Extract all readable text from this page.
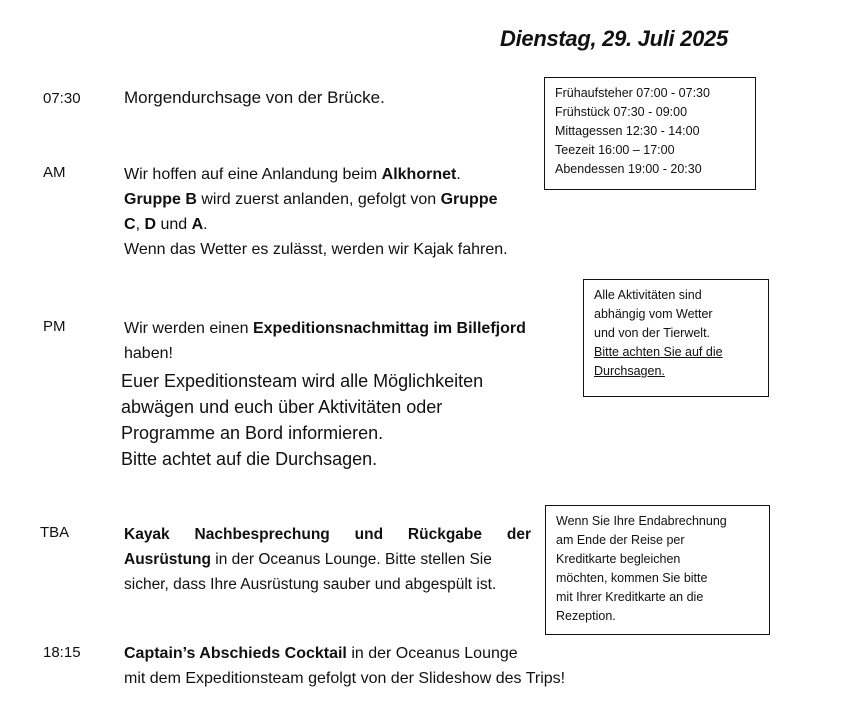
Dienstag, 29. Juli 2025
07:30	Morgendurchsage von der Brücke.	Frühaufsteher 07:00 - 07:30
Frühstück 07:30 - 09:00
Mittagessen 12:30 - 14:00
Teezeit 16:00 – 17:00
Abendessen 19:00 - 20:30
AM	Wir hoffen auf eine Anlandung beim Alkhornet.
Gruppe B wird zuerst anlanden, gefolgt von Gruppe
C, D und A.
Wenn das Wetter es zulässt, werden wir Kajak fahren.
Alle Aktivitäten sind
abhängig vom Wetter
und von der Tierwelt.
Bitte achten Sie auf die
Durchsagen.
PM	Wir werden einen Expeditionsnachmittag im Billefjord
haben!
Euer Expeditionsteam wird alle Möglichkeiten
abwägen und euch über Aktivitäten oder
Programme an Bord informieren.
Bitte achtet auf die Durchsagen.
Wenn Sie Ihre Endabrechnung
am Ende der Reise per
Kreditkarte begleichen
möchten, kommen Sie bitte
mit Ihrer Kreditkarte an die
Rezeption.
TBA	Kayak Nachbesprechung und Rückgabe der
Ausrüstung in der Oceanus Lounge. Bitte stellen Sie
sicher, dass Ihre Ausrüstung sauber und abgespült ist.
18:15	Captain’s Abschieds Cocktail in der Oceanus Lounge
mit dem Expeditionsteam gefolgt von der Slideshow des Trips!
